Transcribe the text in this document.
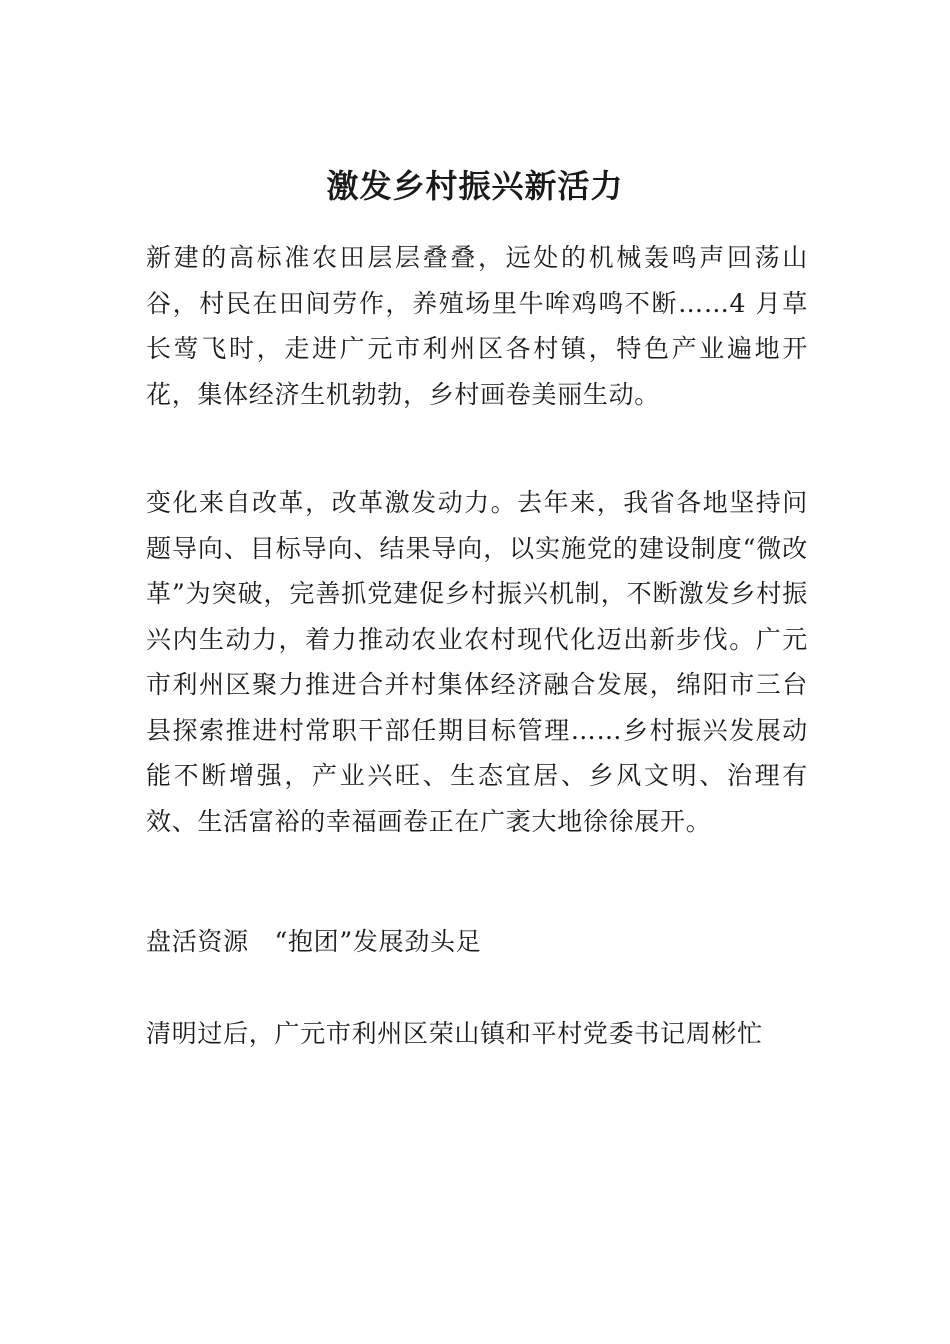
激发乡村振兴新活力

新建的高标准农田层层叠叠，远处的机械轰鸣声回荡山谷，村民在田间劳作，养殖场里牛哞鸡鸣不断……4 月草长莺飞时，走进广元市利州区各村镇，特色产业遍地开花，集体经济生机勃勃，乡村画卷美丽生动。

变化来自改革，改革激发动力。去年来，我省各地坚持问题导向、目标导向、结果导向，以实施党的建设制度“微改革”为突破，完善抓党建促乡村振兴机制，不断激发乡村振兴内生动力，着力推动农业农村现代化迈出新步伐。广元市利州区聚力推进合并村集体经济融合发展，绵阳市三台县探索推进村常职干部任期目标管理……乡村振兴发展动能不断增强，产业兴旺、生态宜居、乡风文明、治理有效、生活富裕的幸福画卷正在广袤大地徐徐展开。

盘活资源　“抱团”发展劲头足

清明过后，广元市利州区荣山镇和平村党委书记周彬忙
